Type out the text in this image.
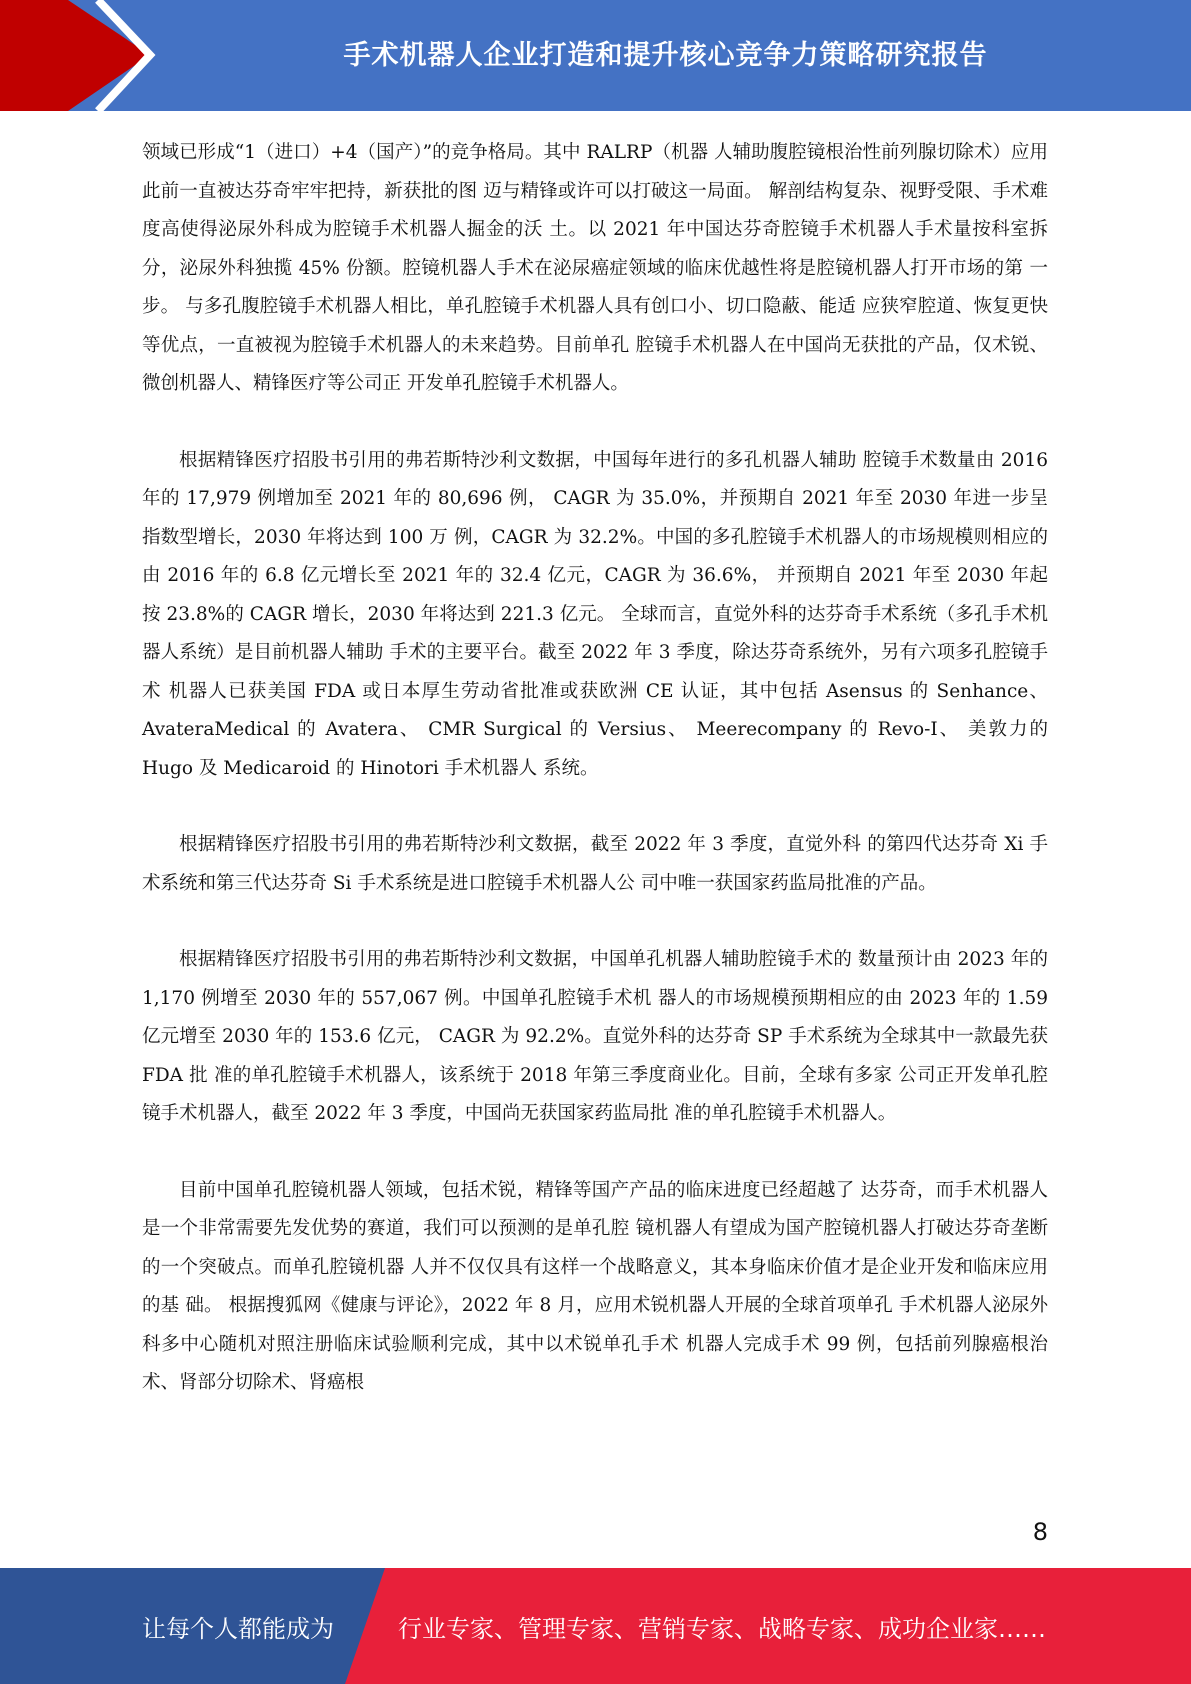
手术机器人企业打造和提升核心竞争力策略研究报告

领域已形成“1（进口）+4（国产）”的竞争格局。其中 RALRP（机器 人辅助腹腔镜根治性前列腺切除术）应用此前一直被达芬奇牢牢把持，新获批的图 迈与精锋或许可以打破这一局面。 解剖结构复杂、视野受限、手术难度高使得泌尿外科成为腔镜手术机器人掘金的沃 土。以 2021 年中国达芬奇腔镜手术机器人手术量按科室拆分，泌尿外科独揽 45% 份额。腔镜机器人手术在泌尿癌症领域的临床优越性将是腔镜机器人打开市场的第 一步。 与多孔腹腔镜手术机器人相比，单孔腔镜手术机器人具有创口小、切口隐蔽、能适 应狭窄腔道、恢复更快等优点，一直被视为腔镜手术机器人的未来趋势。目前单孔 腔镜手术机器人在中国尚无获批的产品，仅术锐、微创机器人、精锋医疗等公司正 开发单孔腔镜手术机器人。

根据精锋医疗招股书引用的弗若斯特沙利文数据，中国每年进行的多孔机器人辅助 腔镜手术数量由 2016 年的 17,979 例增加至 2021 年的 80,696 例， CAGR 为 35.0%，并预期自 2021 年至 2030 年进一步呈指数型增长，2030 年将达到 100 万 例，CAGR 为 32.2%。中国的多孔腔镜手术机器人的市场规模则相应的由 2016 年的 6.8 亿元增长至 2021 年的 32.4 亿元，CAGR 为 36.6%， 并预期自 2021 年至 2030 年起按 23.8%的 CAGR 增长，2030 年将达到 221.3 亿元。 全球而言，直觉外科的达芬奇手术系统（多孔手术机器人系统）是目前机器人辅助 手术的主要平台。截至 2022 年 3 季度，除达芬奇系统外，另有六项多孔腔镜手术 机器人已获美国 FDA 或日本厚生劳动省批准或获欧洲 CE 认证，其中包括 Asensus 的 Senhance、 AvateraMedical 的 Avatera、 CMR Surgical 的 Versius、 Meerecompany 的 Revo-I、 美敦力的 Hugo 及 Medicaroid 的 Hinotori 手术机器人 系统。

根据精锋医疗招股书引用的弗若斯特沙利文数据，截至 2022 年 3 季度，直觉外科 的第四代达芬奇 Xi 手术系统和第三代达芬奇 Si 手术系统是进口腔镜手术机器人公 司中唯一获国家药监局批准的产品。

根据精锋医疗招股书引用的弗若斯特沙利文数据，中国单孔机器人辅助腔镜手术的 数量预计由 2023 年的 1,170 例增至 2030 年的 557,067 例。中国单孔腔镜手术机 器人的市场规模预期相应的由 2023 年的 1.59 亿元增至 2030 年的 153.6 亿元， CAGR 为 92.2%。直觉外科的达芬奇 SP 手术系统为全球其中一款最先获 FDA 批 准的单孔腔镜手术机器人，该系统于 2018 年第三季度商业化。目前，全球有多家 公司正开发单孔腔镜手术机器人，截至 2022 年 3 季度，中国尚无获国家药监局批 准的单孔腔镜手术机器人。

目前中国单孔腔镜机器人领域，包括术锐，精锋等国产产品的临床进度已经超越了 达芬奇，而手术机器人是一个非常需要先发优势的赛道，我们可以预测的是单孔腔 镜机器人有望成为国产腔镜机器人打破达芬奇垄断的一个突破点。而单孔腔镜机器 人并不仅仅具有这样一个战略意义，其本身临床价值才是企业开发和临床应用的基 础。 根据搜狐网《健康与评论》，2022 年 8 月，应用术锐机器人开展的全球首项单孔 手术机器人泌尿外科多中心随机对照注册临床试验顺利完成，其中以术锐单孔手术 机器人完成手术 99 例，包括前列腺癌根治术、肾部分切除术、肾癌根

8
让每个人都能成为	行业专家、管理专家、营销专家、战略专家、成功企业家……
